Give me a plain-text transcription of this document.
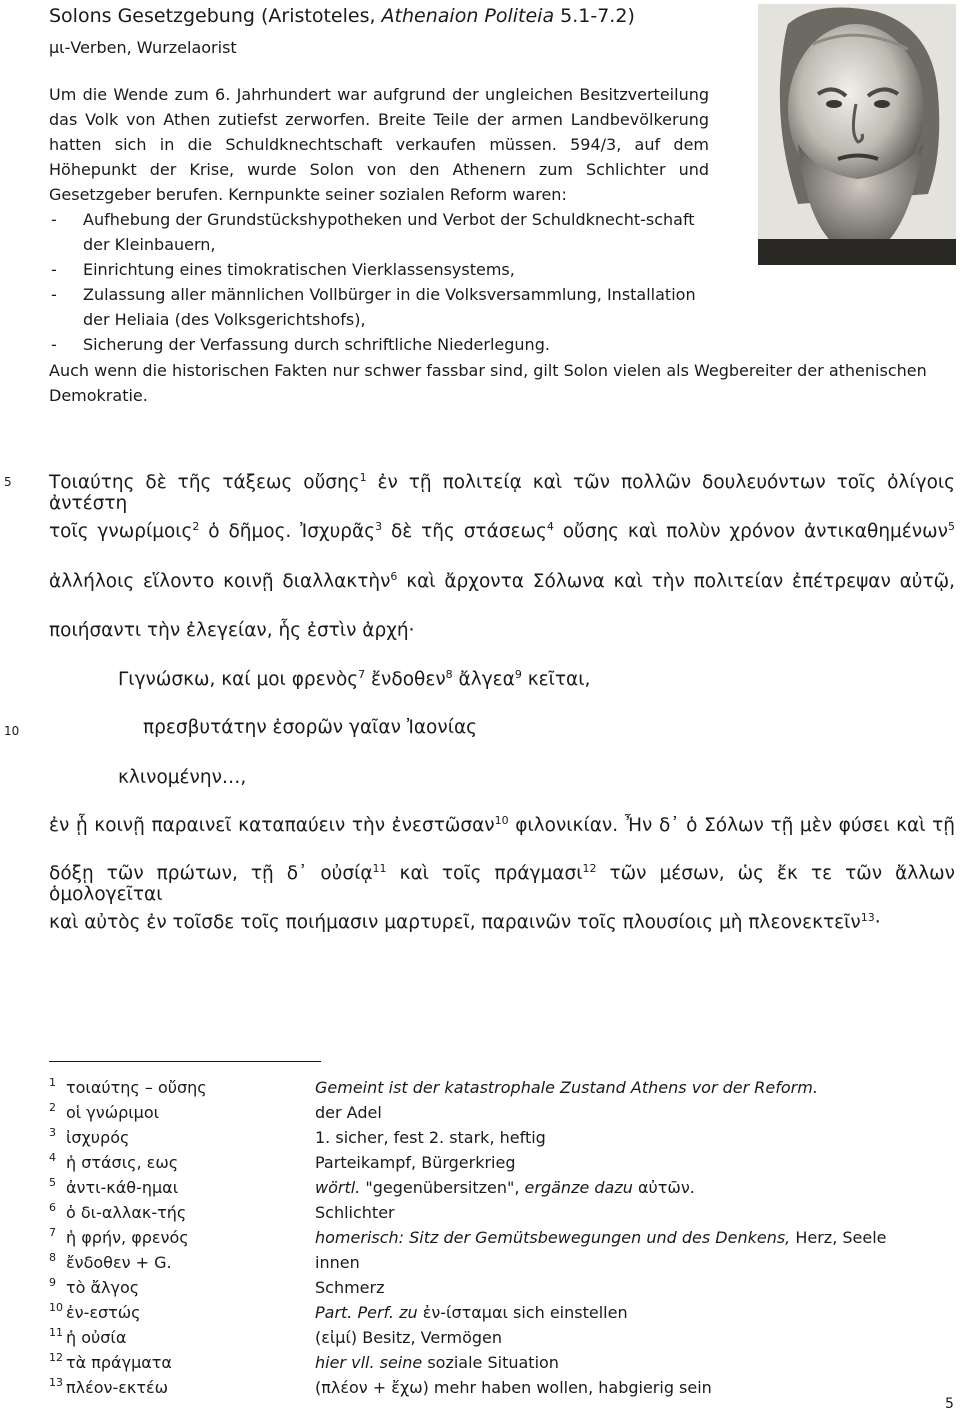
Solons Gesetzgebung (Aristoteles, Athenaion Politeia 5.1-7.2)
μι-Verben, Wurzelaorist

Um die Wende zum 6. Jahrhundert war aufgrund der ungleichen Besitzverteilung

das Volk von Athen zutiefst zerworfen. Breite Teile der armen Landbevölkerung

hatten sich in die Schuldknechtschaft verkaufen müssen. 594/3, auf dem

Höhepunkt der Krise, wurde Solon von den Athenern zum Schlichter und

Gesetzgeber berufen. Kernpunkte seiner sozialen Reform waren:

- Aufhebung der Grundstückshypotheken und Verbot der Schuldknecht-schaft der Kleinbauern,
- Einrichtung eines timokratischen Vierklassensystems,
- Zulassung aller männlichen Vollbürger in die Volksversammlung, Installation der Heliaia (des Volksgerichtshofs),
- Sicherung der Verfassung durch schriftliche Niederlegung.

Auch wenn die historischen Fakten nur schwer fassbar sind, gilt Solon vielen als Wegbereiter der athenischen Demokratie.

5
10
Τοιαύτης δὲ τῆς τάξεως οὔσης$^1$ ἐν τῇ πολιτείᾳ καὶ τῶν πολλῶν δουλευόντων τοῖς ὀλίγοις ἀντέστη
τοῖς γνωρίμοις$^2$ ὁ δῆμος. Ἰσχυρᾶς$^3$ δὲ τῆς στάσεως$^4$ οὔσης καὶ πολὺν χρόνον ἀντικαθημένων$^5$
ἀλλήλοις εἵλοντο κοινῇ διαλλακτὴν$^6$ καὶ ἄρχοντα Σόλωνα καὶ τὴν πολιτείαν ἐπέτρεψαν αὐτῷ,
ποιήσαντι τὴν ἐλεγείαν, ἧς ἐστὶν ἀρχή·
Γιγνώσκω, καί μοι φρενὸς$^7$ ἔνδοθεν$^8$ ἄλγεα$^9$ κεῖται,
πρεσβυτάτην ἐσορῶν γαῖαν Ἰαονίας
κλινομένην…,
ἐν ᾗ κοινῇ παραινεῖ καταπαύειν τὴν ἐνεστῶσαν$^{10}$ φιλονικίαν. Ἦν δ᾽ ὁ Σόλων τῇ μὲν φύσει καὶ τῇ
δόξῃ τῶν πρώτων, τῇ δ᾽ οὐσίᾳ$^{11}$ καὶ τοῖς πράγμασι$^{12}$ τῶν μέσων, ὡς ἔκ τε τῶν ἄλλων ὁμολογεῖται
καὶ αὐτὸς ἐν τοῖσδε τοῖς ποιήμασιν μαρτυρεῖ, παραινῶν τοῖς πλουσίοις μὴ πλεονεκτεῖν$^{13}$·
1 τοιαύτης – οὔσης	Gemeint ist der katastrophale Zustand Athens vor der Reform.
2 οἱ γνώριμοι	der Adel
3 ἰσχυρός	1. sicher, fest 2. stark, heftig
4 ἡ στάσις, εως	Parteikampf, Bürgerkrieg
5 ἀντι-κάθ-ημαι	wörtl. "gegenübersitzen", ergänze dazu αὐτῶν.
6 ὁ δι-αλλακ-τής	Schlichter
7 ἡ φρήν, φρενός	homerisch: Sitz der Gemütsbewegungen und des Denkens, Herz, Seele
8 ἔνδοθεν + G.	innen
9 τὸ ἄλγος	Schmerz
10 ἐν-εστώς	Part. Perf. zu ἐν-ίσταμαι sich einstellen
11 ἡ οὐσία	(εἰμί) Besitz, Vermögen
12 τὰ πράγματα	hier vll. seine soziale Situation
13 πλέον-εκτέω	(πλέον + ἔχω) mehr haben wollen, habgierig sein
5
